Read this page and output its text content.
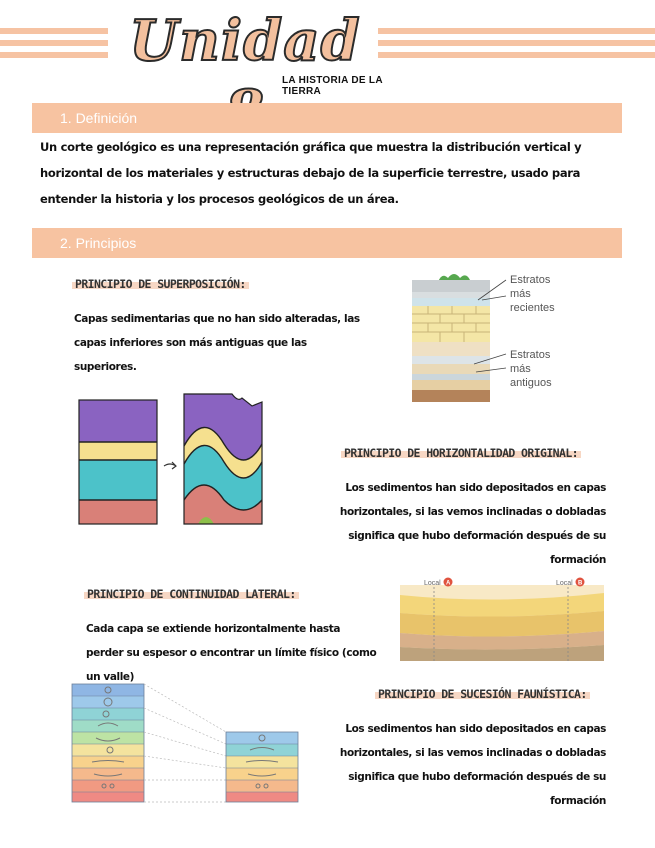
Unidad
LA HISTORIA DE LA TIERRA
1. Definición
Un corte geológico es una representación gráfica que muestra la distribución vertical y horizontal de los materiales y estructuras debajo de la superficie terrestre, usado para entender la historia y los procesos geológicos de un área.
2. Principios
PRINCIPIO DE SUPERPOSICIÓN:
Capas sedimentarias que no han sido alteradas, las capas inferiores son más antiguas que las superiores.
Estratos
más
recientes
Estratos
más
antiguos
PRINCIPIO DE HORIZONTALIDAD ORIGINAL:
Los sedimentos han sido depositados en capas horizontales, si las vemos inclinadas o dobladas significa que hubo deformación después de su formación
PRINCIPIO DE CONTINUIDAD LATERAL:
Cada capa se extiende horizontalmente hasta perder su espesor o encontrar un límite físico (como un valle)
Local A	Local B
PRINCIPIO DE SUCESIÓN FAUNÍSTICA:
Los sedimentos han sido depositados en capas horizontales, si las vemos inclinadas o dobladas significa que hubo deformación después de su formación
